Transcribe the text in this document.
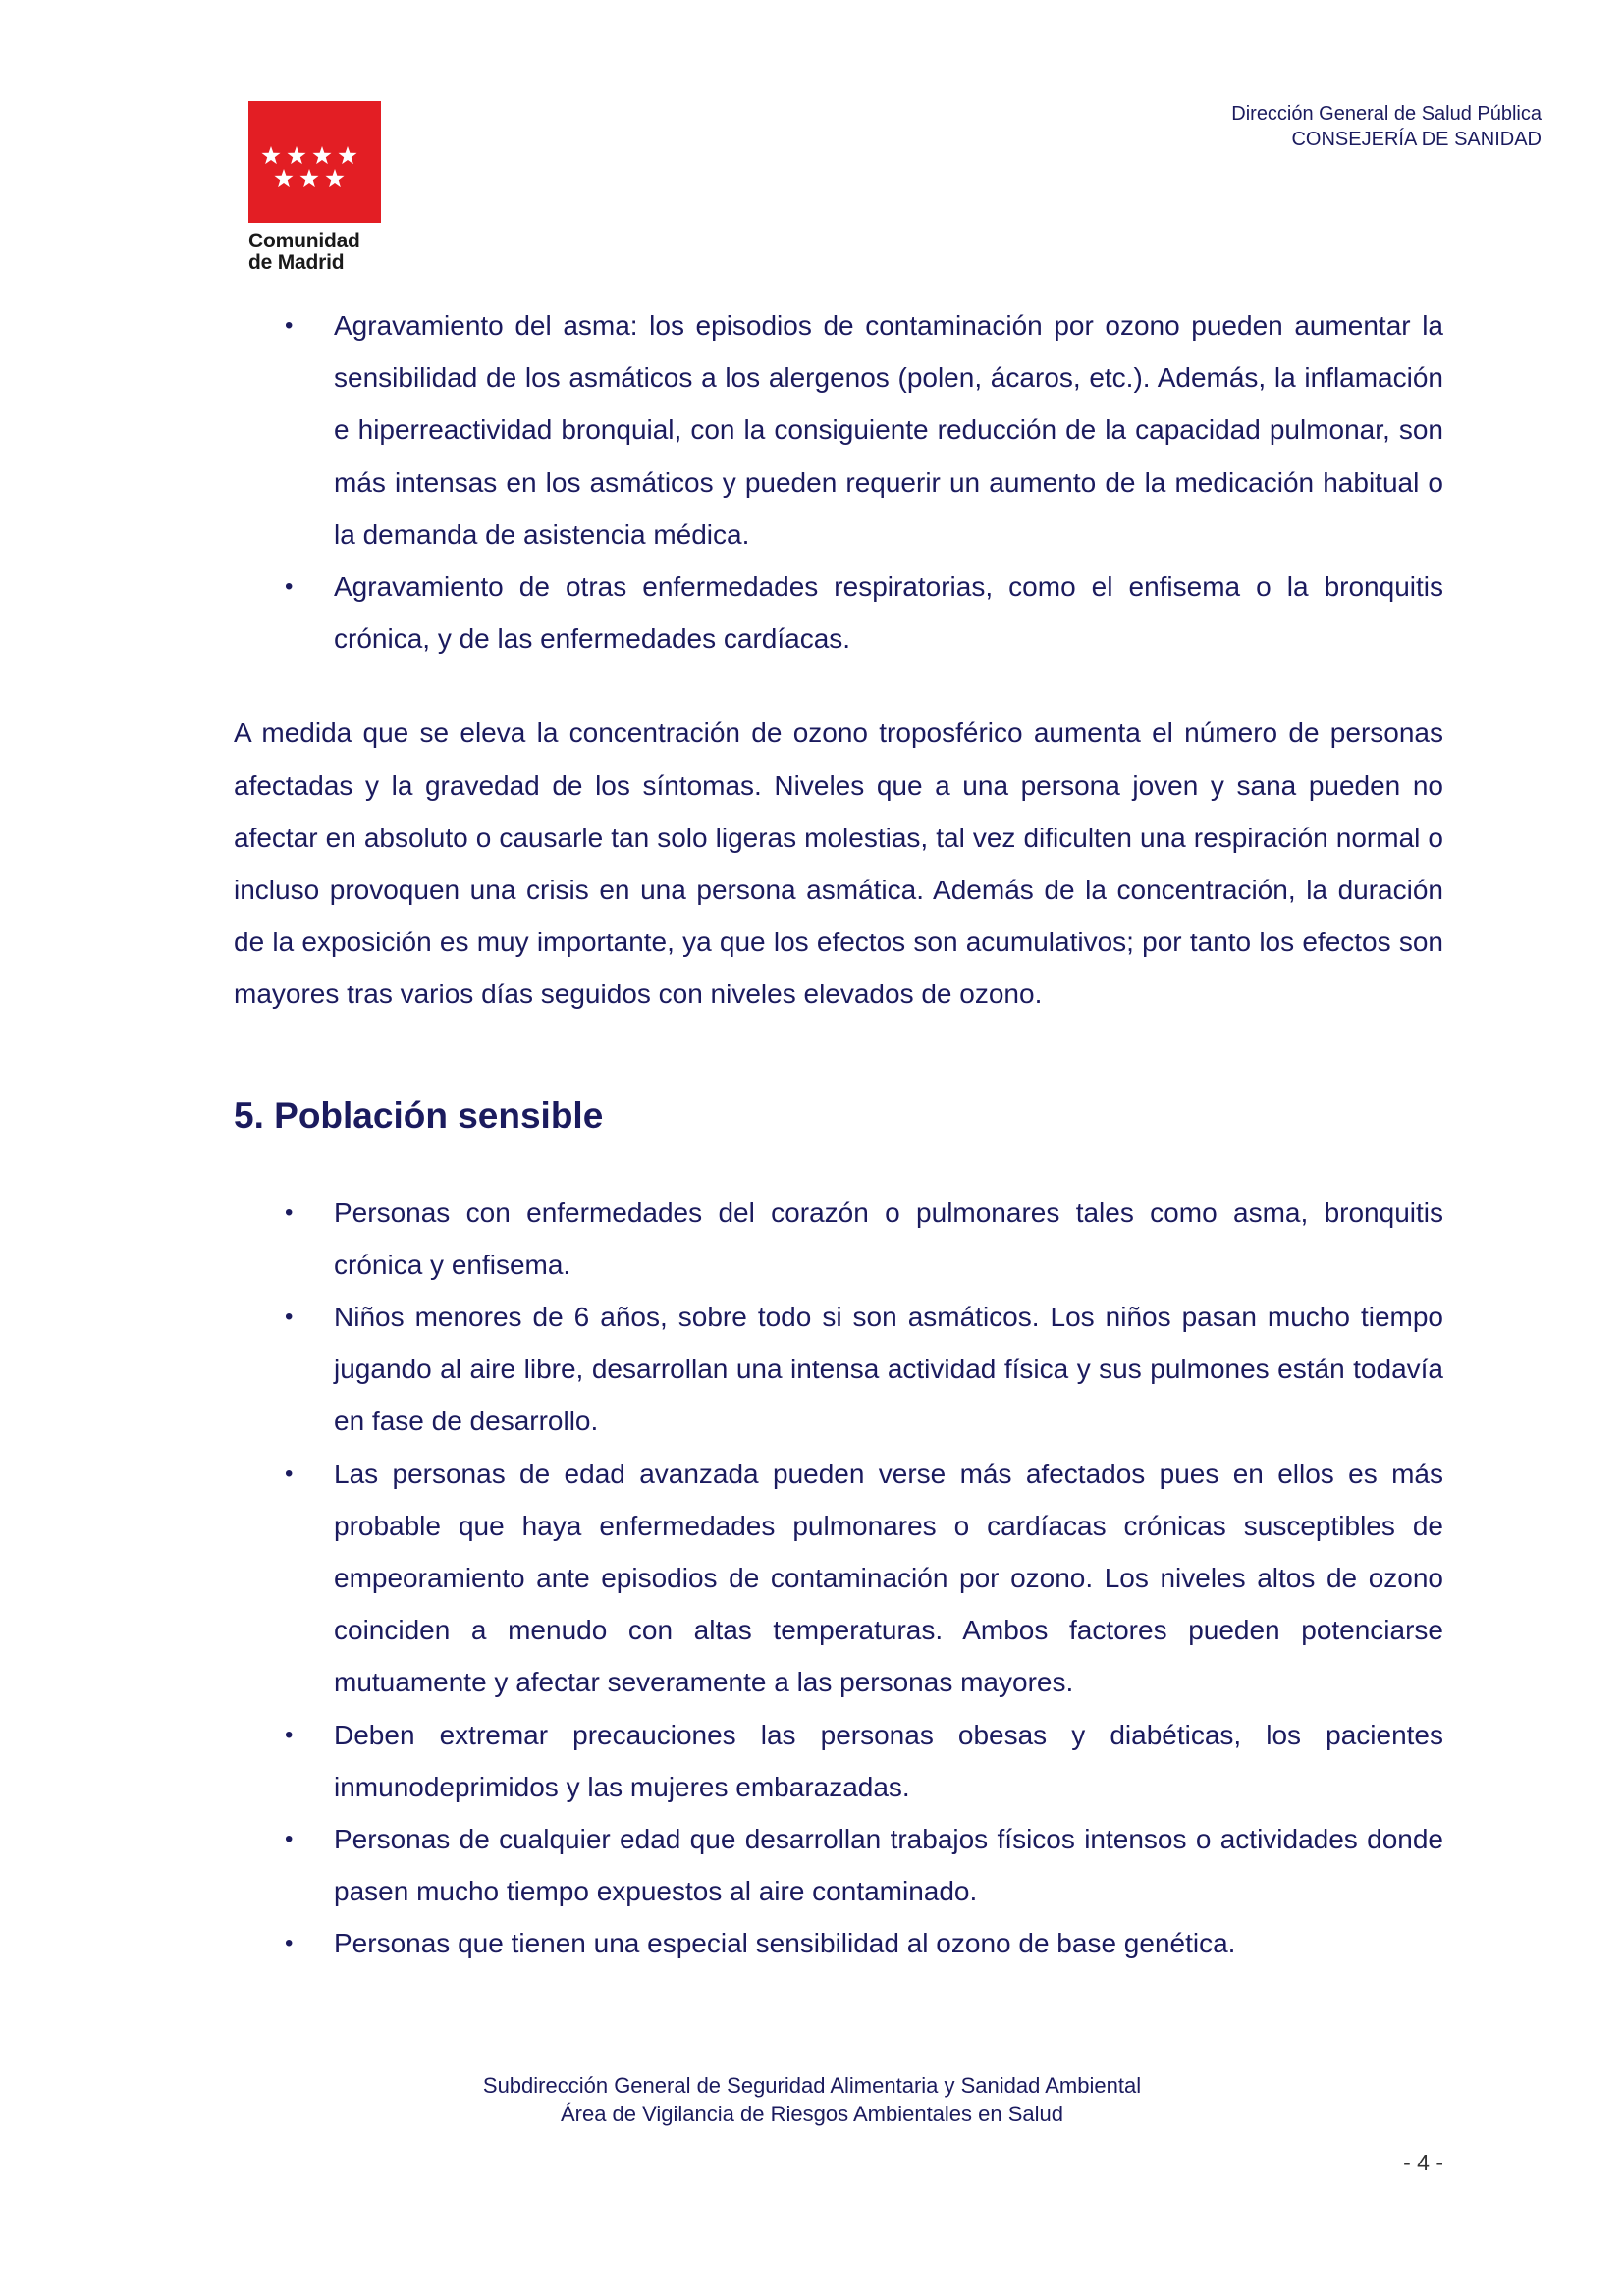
Comunidad
de Madrid
Dirección General de Salud Pública
CONSEJERÍA DE SANIDAD
• Agravamiento del asma: los episodios de contaminación por ozono pueden aumentar la sensibilidad de los asmáticos a los alergenos (polen, ácaros, etc.). Además, la inflamación e hiperreactividad bronquial, con la consiguiente reducción de la capacidad pulmonar, son más intensas en los asmáticos y pueden requerir un aumento de la medicación habitual o la demanda de asistencia médica.
• Agravamiento de otras enfermedades respiratorias, como el enfisema o la bronquitis crónica, y de las enfermedades cardíacas.

A medida que se eleva la concentración de ozono troposférico aumenta el número de personas afectadas y la gravedad de los síntomas. Niveles que a una persona joven y sana pueden no afectar en absoluto o causarle tan solo ligeras molestias, tal vez dificulten una respiración normal o incluso provoquen una crisis en una persona asmática. Además de la concentración, la duración de la exposición es muy importante, ya que los efectos son acumulativos; por tanto los efectos son mayores tras varios días seguidos con niveles elevados de ozono.

5. Población sensible
• Personas con enfermedades del corazón o pulmonares tales como asma, bronquitis crónica y enfisema.
• Niños menores de 6 años, sobre todo si son asmáticos. Los niños pasan mucho tiempo jugando al aire libre, desarrollan una intensa actividad física y sus pulmones están todavía en fase de desarrollo.
• Las personas de edad avanzada pueden verse más afectados pues en ellos es más probable que haya enfermedades pulmonares o cardíacas crónicas susceptibles de empeoramiento ante episodios de contaminación por ozono. Los niveles altos de ozono coinciden a menudo con altas temperaturas. Ambos factores pueden potenciarse mutuamente y afectar severamente a las personas mayores.
• Deben extremar precauciones las personas obesas y diabéticas, los pacientes inmunodeprimidos y las mujeres embarazadas.
• Personas de cualquier edad que desarrollan trabajos físicos intensos o actividades donde pasen mucho tiempo expuestos al aire contaminado.
• Personas que tienen una especial sensibilidad al ozono de base genética.
Subdirección General de Seguridad Alimentaria y Sanidad Ambiental
Área de Vigilancia de Riesgos Ambientales en Salud
- 4 -
